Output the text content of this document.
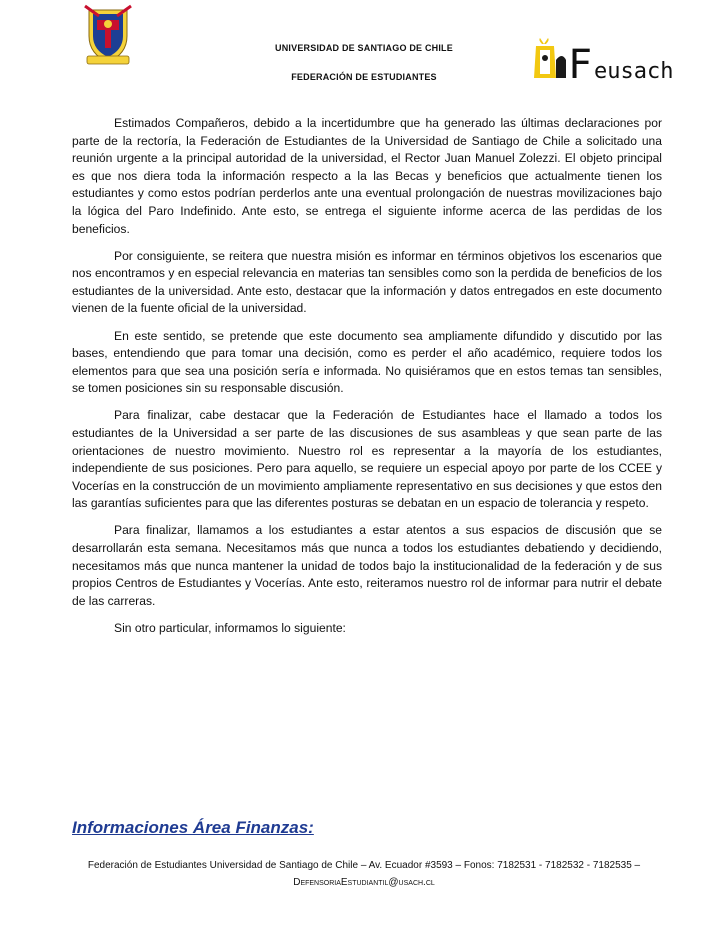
UNIVERSIDAD DE SANTIAGO DE CHILE
FEDERACIÓN DE ESTUDIANTES	F eusach

Estimados Compañeros, debido a la incertidumbre que ha generado las últimas declaraciones por parte de la rectoría, la Federación de Estudiantes de la Universidad de Santiago de Chile a solicitado una reunión urgente a la principal autoridad de la universidad, el Rector Juan Manuel Zolezzi. El objeto principal es que nos diera toda la información respecto a la las Becas y beneficios que actualmente tienen los estudiantes y como estos podrían perderlos ante una eventual prolongación de nuestras movilizaciones bajo la lógica del Paro Indefinido. Ante esto, se entrega el siguiente informe acerca de las perdidas de los beneficios.

Por consiguiente, se reitera que nuestra misión es informar en términos objetivos los escenarios que nos encontramos y en especial relevancia en materias tan sensibles como son la perdida de beneficios de los estudiantes de la universidad. Ante esto, destacar que la información y datos entregados en este documento vienen de la fuente oficial de la universidad.

En este sentido, se pretende que este documento sea ampliamente difundido y discutido por las bases, entendiendo que para tomar una decisión, como es perder el año académico, requiere todos los elementos para que sea una posición sería e informada. No quisiéramos que en estos temas tan sensibles, se tomen posiciones sin su responsable discusión.

Para finalizar, cabe destacar que la Federación de Estudiantes hace el llamado a todos los estudiantes de la Universidad a ser parte de las discusiones de sus asambleas y que sean parte de las orientaciones de nuestro movimiento. Nuestro rol es representar a la mayoría de los estudiantes, independiente de sus posiciones. Pero para aquello, se requiere un especial apoyo por parte de los CCEE y Vocerías en la construcción de un movimiento ampliamente representativo en sus decisiones y que estos den las garantías suficientes para que las diferentes posturas se debatan en un espacio de tolerancia y respeto.

Para finalizar, llamamos a los estudiantes a estar atentos a sus espacios de discusión que se desarrollarán esta semana. Necesitamos más que nunca a todos los estudiantes debatiendo y decidiendo, necesitamos más que nunca mantener la unidad de todos bajo la institucionalidad de la federación y de sus propios Centros de Estudiantes y Vocerías. Ante esto, reiteramos nuestro rol de informar para nutrir el debate de las carreras.

Sin otro particular, informamos lo siguiente:

Informaciones Área Finanzas:
Federación de Estudiantes Universidad de Santiago de Chile – Av. Ecuador #3593 – Fonos: 7182531 - 7182532 - 7182535 –
DefensoriaEstudiantil@usach.cl
